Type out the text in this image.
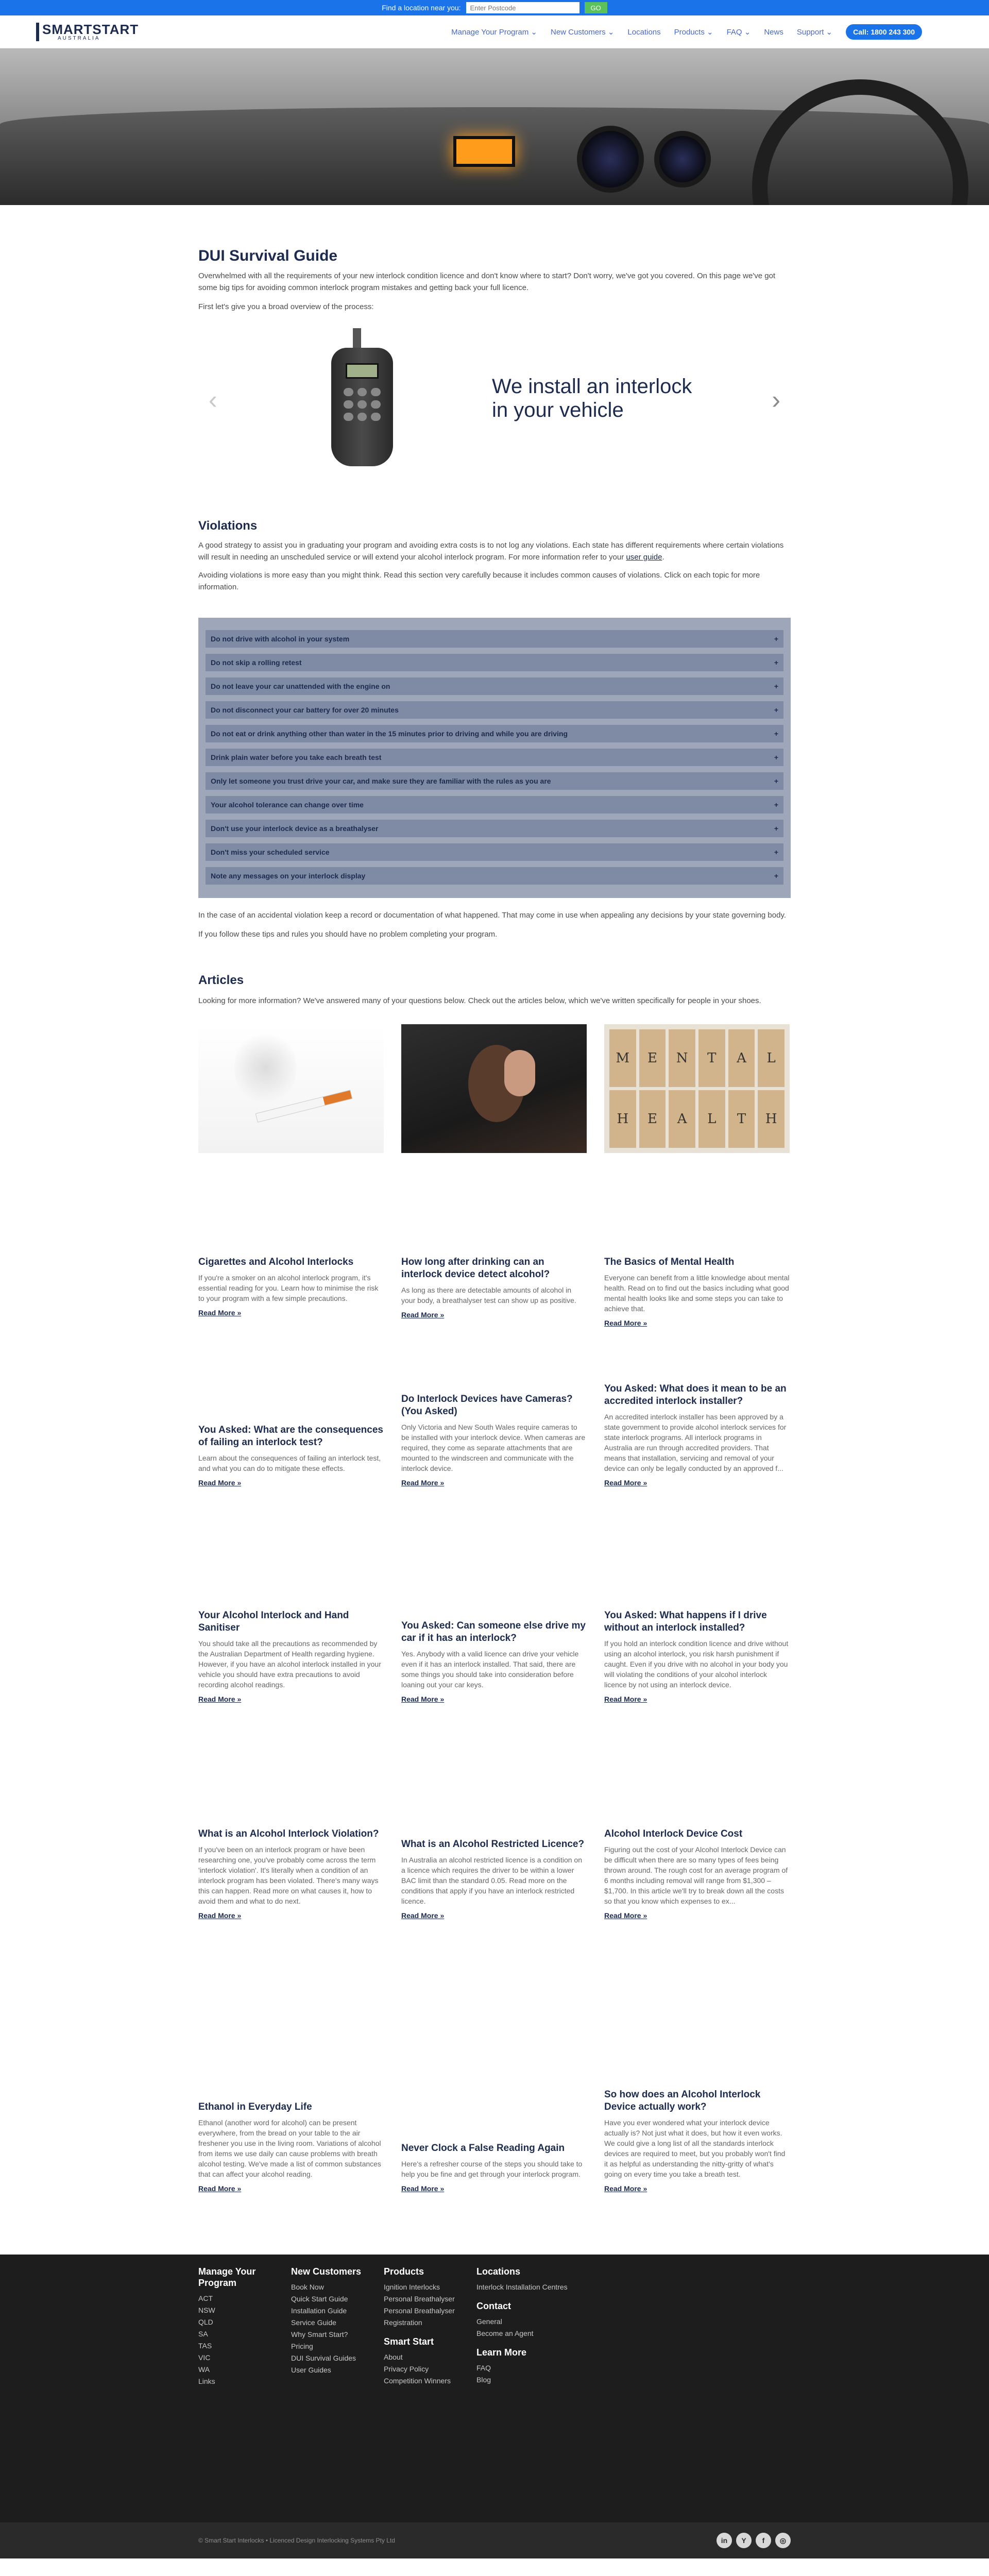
Find a location near you:
Enter Postcode	GO
SMARTSTART
AUSTRALIA
Manage Your Program ⌄ New Customers ⌄ Locations Products ⌄ FAQ ⌄ News Support ⌄	Call: 1800 243 300
DUI Survival Guide

Overwhelmed with all the requirements of your new interlock condition licence and don't know where to start? Don't worry, we've got you covered. On this page we've got some big tips for avoiding common interlock program mistakes and getting back your full licence.

First let's give you a broad overview of the process:

‹	We install an interlock
in your vehicle	›
Violations

A good strategy to assist you in graduating your program and avoiding extra costs is to not log any violations. Each state has different requirements where certain violations will result in needing an unscheduled service or will extend your alcohol interlock program. For more information refer to your user guide.

Avoiding violations is more easy than you might think. Read this section very carefully because it includes common causes of violations. Click on each topic for more information.

Do not drive with alcohol in your system	+
Do not skip a rolling retest	+
Do not leave your car unattended with the engine on	+
Do not disconnect your car battery for over 20 minutes	+
Do not eat or drink anything other than water in the 15 minutes prior to driving and while you are driving	+
Drink plain water before you take each breath test	+
Only let someone you trust drive your car, and make sure they are familiar with the rules as you are	+
Your alcohol tolerance can change over time	+
Don't use your interlock device as a breathalyser	+
Don't miss your scheduled service	+
Note any messages on your interlock display	+

In the case of an accidental violation keep a record or documentation of what happened. That may come in use when appealing any decisions by your state governing body.

If you follow these tips and rules you should have no problem completing your program.

Articles

Looking for more information? We've answered many of your questions below. Check out the articles below, which we've written specifically for people in your shoes.

Cigarettes and Alcohol Interlocks

If you're a smoker on an alcohol interlock program, it's essential reading for you. Learn how to minimise the risk to your program with a few simple precautions.

Read More »
How long after drinking can an interlock device detect alcohol?

As long as there are detectable amounts of alcohol in your body, a breathalyser test can show up as positive.

Read More »
M	E	N	T	A	L
H	E	A	L	T	H
The Basics of Mental Health

Everyone can benefit from a little knowledge about mental health. Read on to find out the basics including what good mental health looks like and some steps you can take to achieve that.

Read More »
You Asked: What are the consequences of failing an interlock test?

Learn about the consequences of failing an interlock test, and what you can do to mitigate these effects.

Read More »
Do Interlock Devices have Cameras? (You Asked)

Only Victoria and New South Wales require cameras to be installed with your interlock device. When cameras are required, they come as separate attachments that are mounted to the windscreen and communicate with the interlock device.

Read More »
You Asked: What does it mean to be an accredited interlock installer?

An accredited interlock installer has been approved by a state government to provide alcohol interlock services for state interlock programs. All interlock programs in Australia are run through accredited providers. That means that installation, servicing and removal of your device can only be legally conducted by an approved f...

Read More »
Your Alcohol Interlock and Hand Sanitiser

You should take all the precautions as recommended by the Australian Department of Health regarding hygiene. However, if you have an alcohol interlock installed in your vehicle you should have extra precautions to avoid recording alcohol readings.

Read More »
You Asked: Can someone else drive my car if it has an interlock?

Yes. Anybody with a valid licence can drive your vehicle even if it has an interlock installed. That said, there are some things you should take into consideration before loaning out your car keys.

Read More »
You Asked: What happens if I drive without an interlock installed?

If you hold an interlock condition licence and drive without using an alcohol interlock, you risk harsh punishment if caught. Even if you drive with no alcohol in your body you will violating the conditions of your alcohol interlock licence by not using an interlock device.

Read More »
What is an Alcohol Interlock Violation?

If you've been on an interlock program or have been researching one, you've probably come across the term 'interlock violation'. It's literally when a condition of an interlock program has been violated. There's many ways this can happen. Read more on what causes it, how to avoid them and what to do next.

Read More »
What is an Alcohol Restricted Licence?

In Australia an alcohol restricted licence is a condition on a licence which requires the driver to be within a lower BAC limit than the standard 0.05. Read more on the conditions that apply if you have an interlock restricted licence.

Read More »
Alcohol Interlock Device Cost

Figuring out the cost of your Alcohol Interlock Device can be difficult when there are so many types of fees being thrown around. The rough cost for an average program of 6 months including removal will range from $1,300 – $1,700. In this article we'll try to break down all the costs so that you know which expenses to ex...

Read More »
Ethanol in Everyday Life

Ethanol (another word for alcohol) can be present everywhere, from the bread on your table to the air freshener you use in the living room. Variations of alcohol from items we use daily can cause problems with breath alcohol testing. We've made a list of common substances that can affect your alcohol reading.

Read More »
Never Clock a False Reading Again

Here's a refresher course of the steps you should take to help you be fine and get through your interlock program.

Read More »
So how does an Alcohol Interlock Device actually work?

Have you ever wondered what your interlock device actually is? Not just what it does, but how it even works. We could give a long list of all the standards interlock devices are required to meet, but you probably won't find it as helpful as understanding the nitty-gritty of what's going on every time you take a breath test.

Read More »
Manage Your Program
ACT
NSW
QLD
SA
TAS
VIC
WA
Links
New Customers
Book Now
Quick Start Guide
Installation Guide
Service Guide
Why Smart Start?
Pricing
DUI Survival Guides
User Guides
Products
Ignition Interlocks
Personal Breathalyser
Personal Breathalyser Registration
Smart Start
About
Privacy Policy
Competition Winners
Locations
Interlock Installation Centres
Contact
General
Become an Agent
Learn More
FAQ
Blog
© Smart Start Interlocks • Licenced Design Interlocking Systems Pty Ltd	in	Y	f	◎
